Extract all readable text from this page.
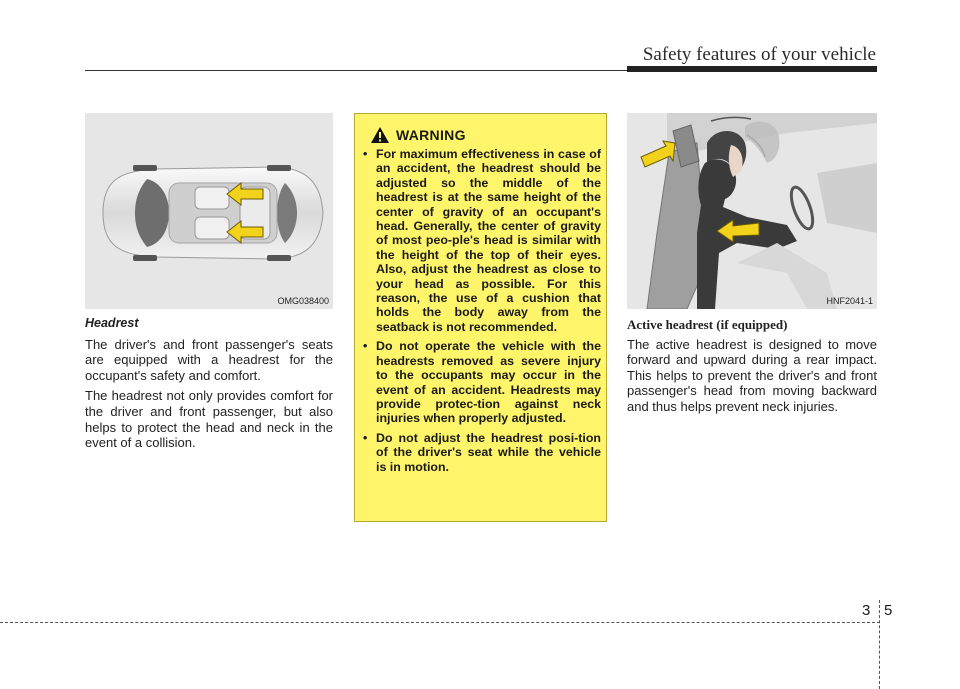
Safety features of your vehicle
OMG038400
Headrest

The driver's and front passenger's seats are equipped with a headrest for the occupant's safety and comfort.

The headrest not only provides comfort for the driver and front passenger, but also helps to protect the head and neck in the event of a collision.

WARNING
• For maximum effectiveness in case of an accident, the headrest should be adjusted so the middle of the headrest is at the same height of the center of gravity of an occupant's head. Generally, the center of gravity of most peo-ple's head is similar with the height of the top of their eyes. Also, adjust the headrest as close to your head as possible. For this reason, the use of a cushion that holds the body away from the seatback is not recommended.
• Do not operate the vehicle with the headrests removed as severe injury to the occupants may occur in the event of an accident. Headrests may provide protec-tion against neck injuries when properly adjusted.
• Do not adjust the headrest posi-tion of the driver's seat while the vehicle is in motion.
HNF2041-1
Active headrest (if equipped)

The active headrest is designed to move forward and upward during a rear impact. This helps to prevent the driver's and front passenger's head from moving backward and thus helps prevent neck injuries.

3 5
